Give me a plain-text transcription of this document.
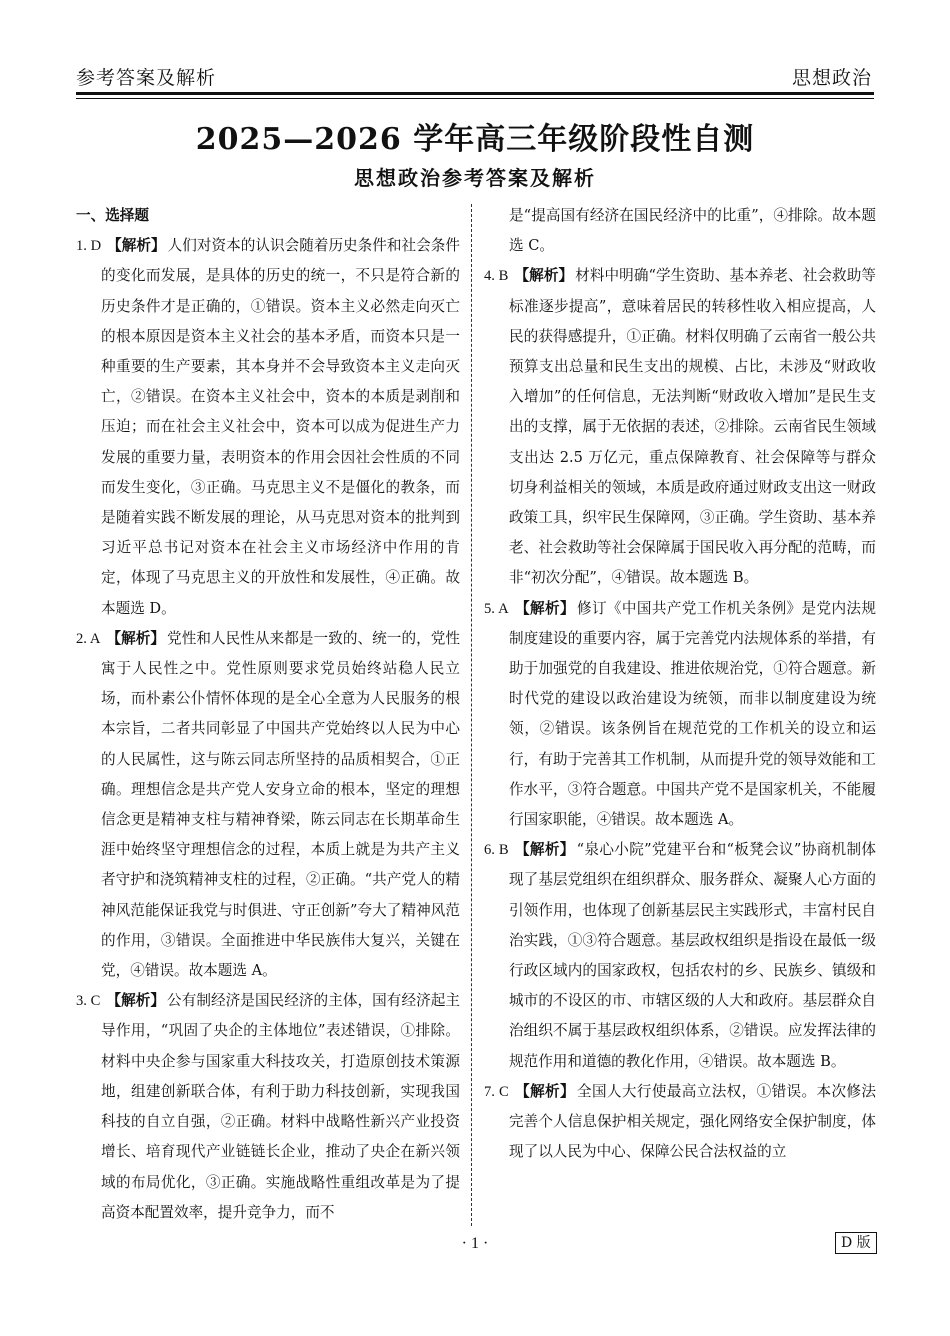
参考答案及解析	思想政治
2025—2026 学年高三年级阶段性自测
思想政治参考答案及解析
一、选择题

1. D 【解析】 人们对资本的认识会随着历史条件和社会条件的变化而发展，是具体的历史的统一，不只是符合新的历史条件才是正确的，①错误。资本主义必然走向灭亡的根本原因是资本主义社会的基本矛盾，而资本只是一种重要的生产要素，其本身并不会导致资本主义走向灭亡，②错误。在资本主义社会中，资本的本质是剥削和压迫；而在社会主义社会中，资本可以成为促进生产力发展的重要力量，表明资本的作用会因社会性质的不同而发生变化，③正确。马克思主义不是僵化的教条，而是随着实践不断发展的理论，从马克思对资本的批判到习近平总书记对资本在社会主义市场经济中作用的肯定，体现了马克思主义的开放性和发展性，④正确。故本题选 D。

2. A 【解析】 党性和人民性从来都是一致的、统一的，党性寓于人民性之中。党性原则要求党员始终站稳人民立场，而朴素公仆情怀体现的是全心全意为人民服务的根本宗旨，二者共同彰显了中国共产党始终以人民为中心的人民属性，这与陈云同志所坚持的品质相契合，①正确。理想信念是共产党人安身立命的根本，坚定的理想信念更是精神支柱与精神脊梁，陈云同志在长期革命生涯中始终坚守理想信念的过程，本质上就是为共产主义者守护和浇筑精神支柱的过程，②正确。“共产党人的精神风范能保证我党与时俱进、守正创新”夸大了精神风范的作用，③错误。全面推进中华民族伟大复兴，关键在党，④错误。故本题选 A。

3. C 【解析】 公有制经济是国民经济的主体，国有经济起主导作用，“巩固了央企的主体地位”表述错误，①排除。材料中央企参与国家重大科技攻关，打造原创技术策源地，组建创新联合体，有利于助力科技创新，实现我国科技的自立自强，②正确。材料中战略性新兴产业投资增长、培育现代产业链链长企业，推动了央企在新兴领域的布局优化，③正确。实施战略性重组改革是为了提高资本配置效率，提升竞争力，而不

是“提高国有经济在国民经济中的比重”，④排除。故本题选 C。

4. B 【解析】 材料中明确“学生资助、基本养老、社会救助等标准逐步提高”，意味着居民的转移性收入相应提高，人民的获得感提升，①正确。材料仅明确了云南省一般公共预算支出总量和民生支出的规模、占比，未涉及“财政收入增加”的任何信息，无法判断“财政收入增加”是民生支出的支撑，属于无依据的表述，②排除。云南省民生领域支出达 2.5 万亿元，重点保障教育、社会保障等与群众切身利益相关的领域，本质是政府通过财政支出这一财政政策工具，织牢民生保障网，③正确。学生资助、基本养老、社会救助等社会保障属于国民收入再分配的范畴，而非“初次分配”，④错误。故本题选 B。

5. A 【解析】 修订《中国共产党工作机关条例》是党内法规制度建设的重要内容，属于完善党内法规体系的举措，有助于加强党的自我建设、推进依规治党，①符合题意。新时代党的建设以政治建设为统领，而非以制度建设为统领，②错误。该条例旨在规范党的工作机关的设立和运行，有助于完善其工作机制，从而提升党的领导效能和工作水平，③符合题意。中国共产党不是国家机关，不能履行国家职能，④错误。故本题选 A。

6. B 【解析】 “泉心小院”党建平台和“板凳会议”协商机制体现了基层党组织在组织群众、服务群众、凝聚人心方面的引领作用，也体现了创新基层民主实践形式，丰富村民自治实践，①③符合题意。基层政权组织是指设在最低一级行政区域内的国家政权，包括农村的乡、民族乡、镇级和城市的不设区的市、市辖区级的人大和政府。基层群众自治组织不属于基层政权组织体系，②错误。应发挥法律的规范作用和道德的教化作用，④错误。故本题选 B。

7. C 【解析】 全国人大行使最高立法权，①错误。本次修法完善个人信息保护相关规定，强化网络安全保护制度，体现了以人民为中心、保障公民合法权益的立

· 1 ·	D 版
